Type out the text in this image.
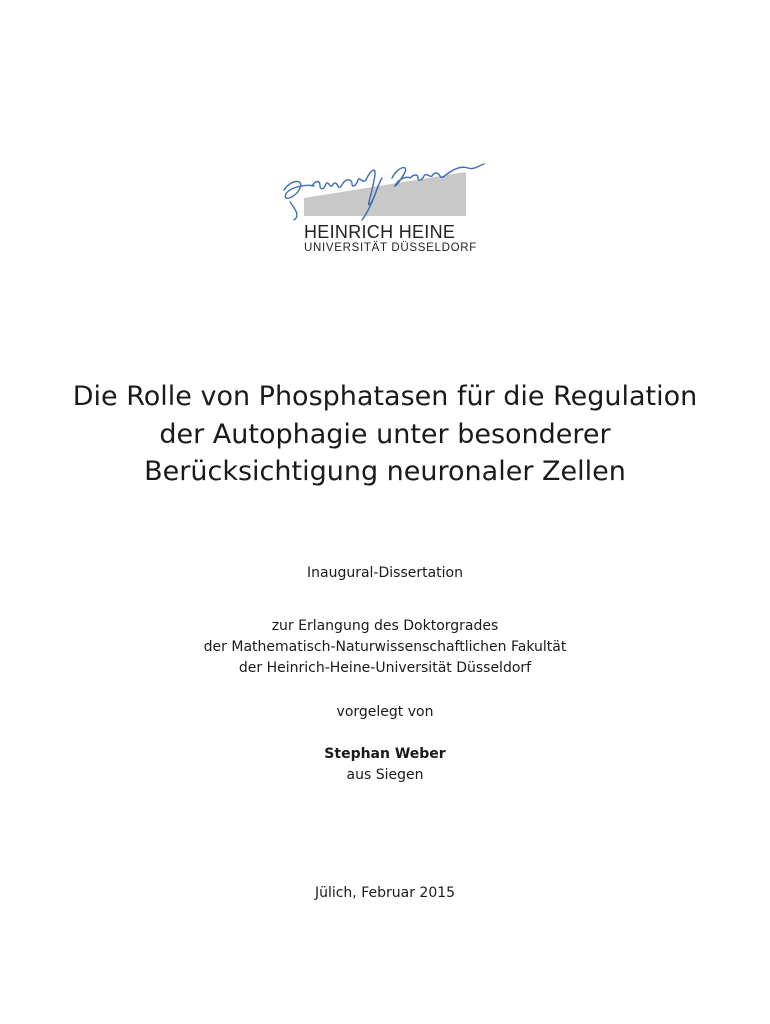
HEINRICH HEINE
UNIVERSITÄT DÜSSELDORF
Die Rolle von Phosphatasen für die Regulation der Autophagie unter besonderer Berücksichtigung neuronaler Zellen
Inaugural-Dissertation
zur Erlangung des Doktorgrades
der Mathematisch-Naturwissenschaftlichen Fakultät
der Heinrich-Heine-Universität Düsseldorf
vorgelegt von
Stephan Weber
aus Siegen
Jülich, Februar 2015
